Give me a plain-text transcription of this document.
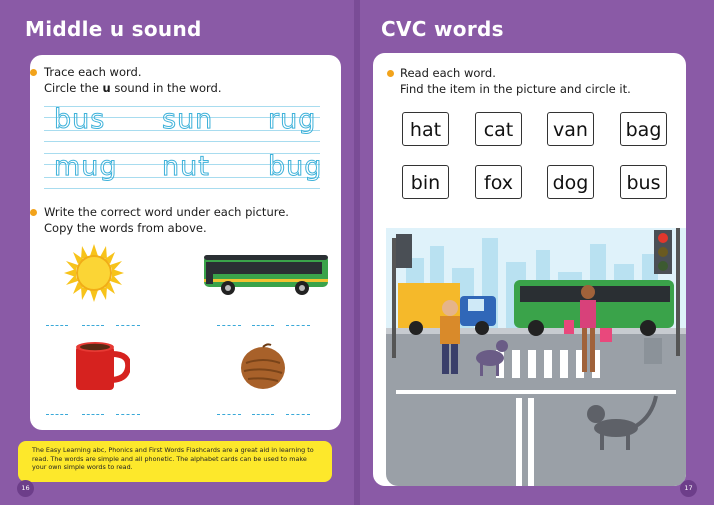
Middle u sound
Trace each word.
Circle the u sound in the word.
bus sun rug
mug nut bug
Write the correct word under each picture.
Copy the words from above.
The Easy Learning abc, Phonics and First Words Flashcards are a great aid in learning to read. The words are simple and all phonetic. The alphabet cards can be used to make your own simple words to read.
16
CVC words
Read each word.
Find the item in the picture and circle it.
hat	cat	van	bag
bin	fox	dog	bus
17
